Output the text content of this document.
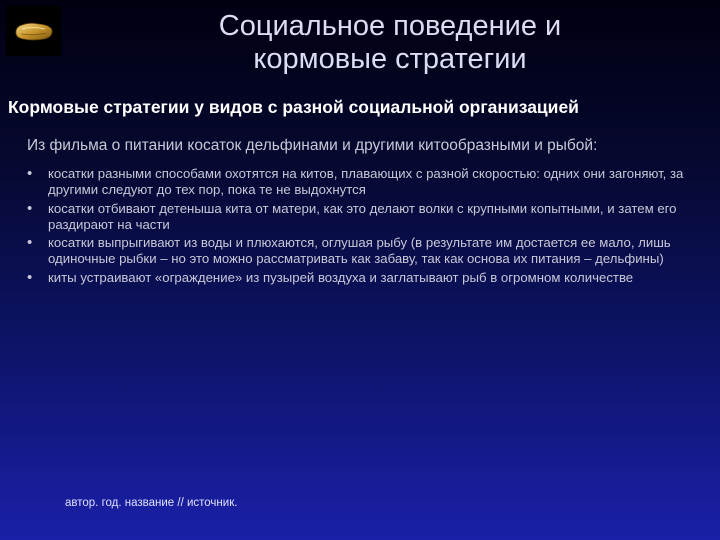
Социальное поведение и
кормовые стратегии
Кормовые стратегии у видов с разной социальной организацией
Из фильма о питании косаток дельфинами и другими китообразными и рыбой:
• косатки разными способами охотятся на китов, плавающих с разной скоростью: одних они загоняют, за другими следуют до тех пор, пока те не выдохнутся
• косатки отбивают детеныша кита от матери, как это делают волки с крупными копытными, и затем его раздирают на части
• косатки выпрыгивают из воды и плюхаются, оглушая рыбу (в результате им достается ее мало, лишь одиночные рыбки – но это можно рассматривать как забаву, так как основа их питания – дельфины)
• киты устраивают «ограждение» из пузырей воздуха и заглатывают рыб в огромном количестве
автор. год. название // источник.
